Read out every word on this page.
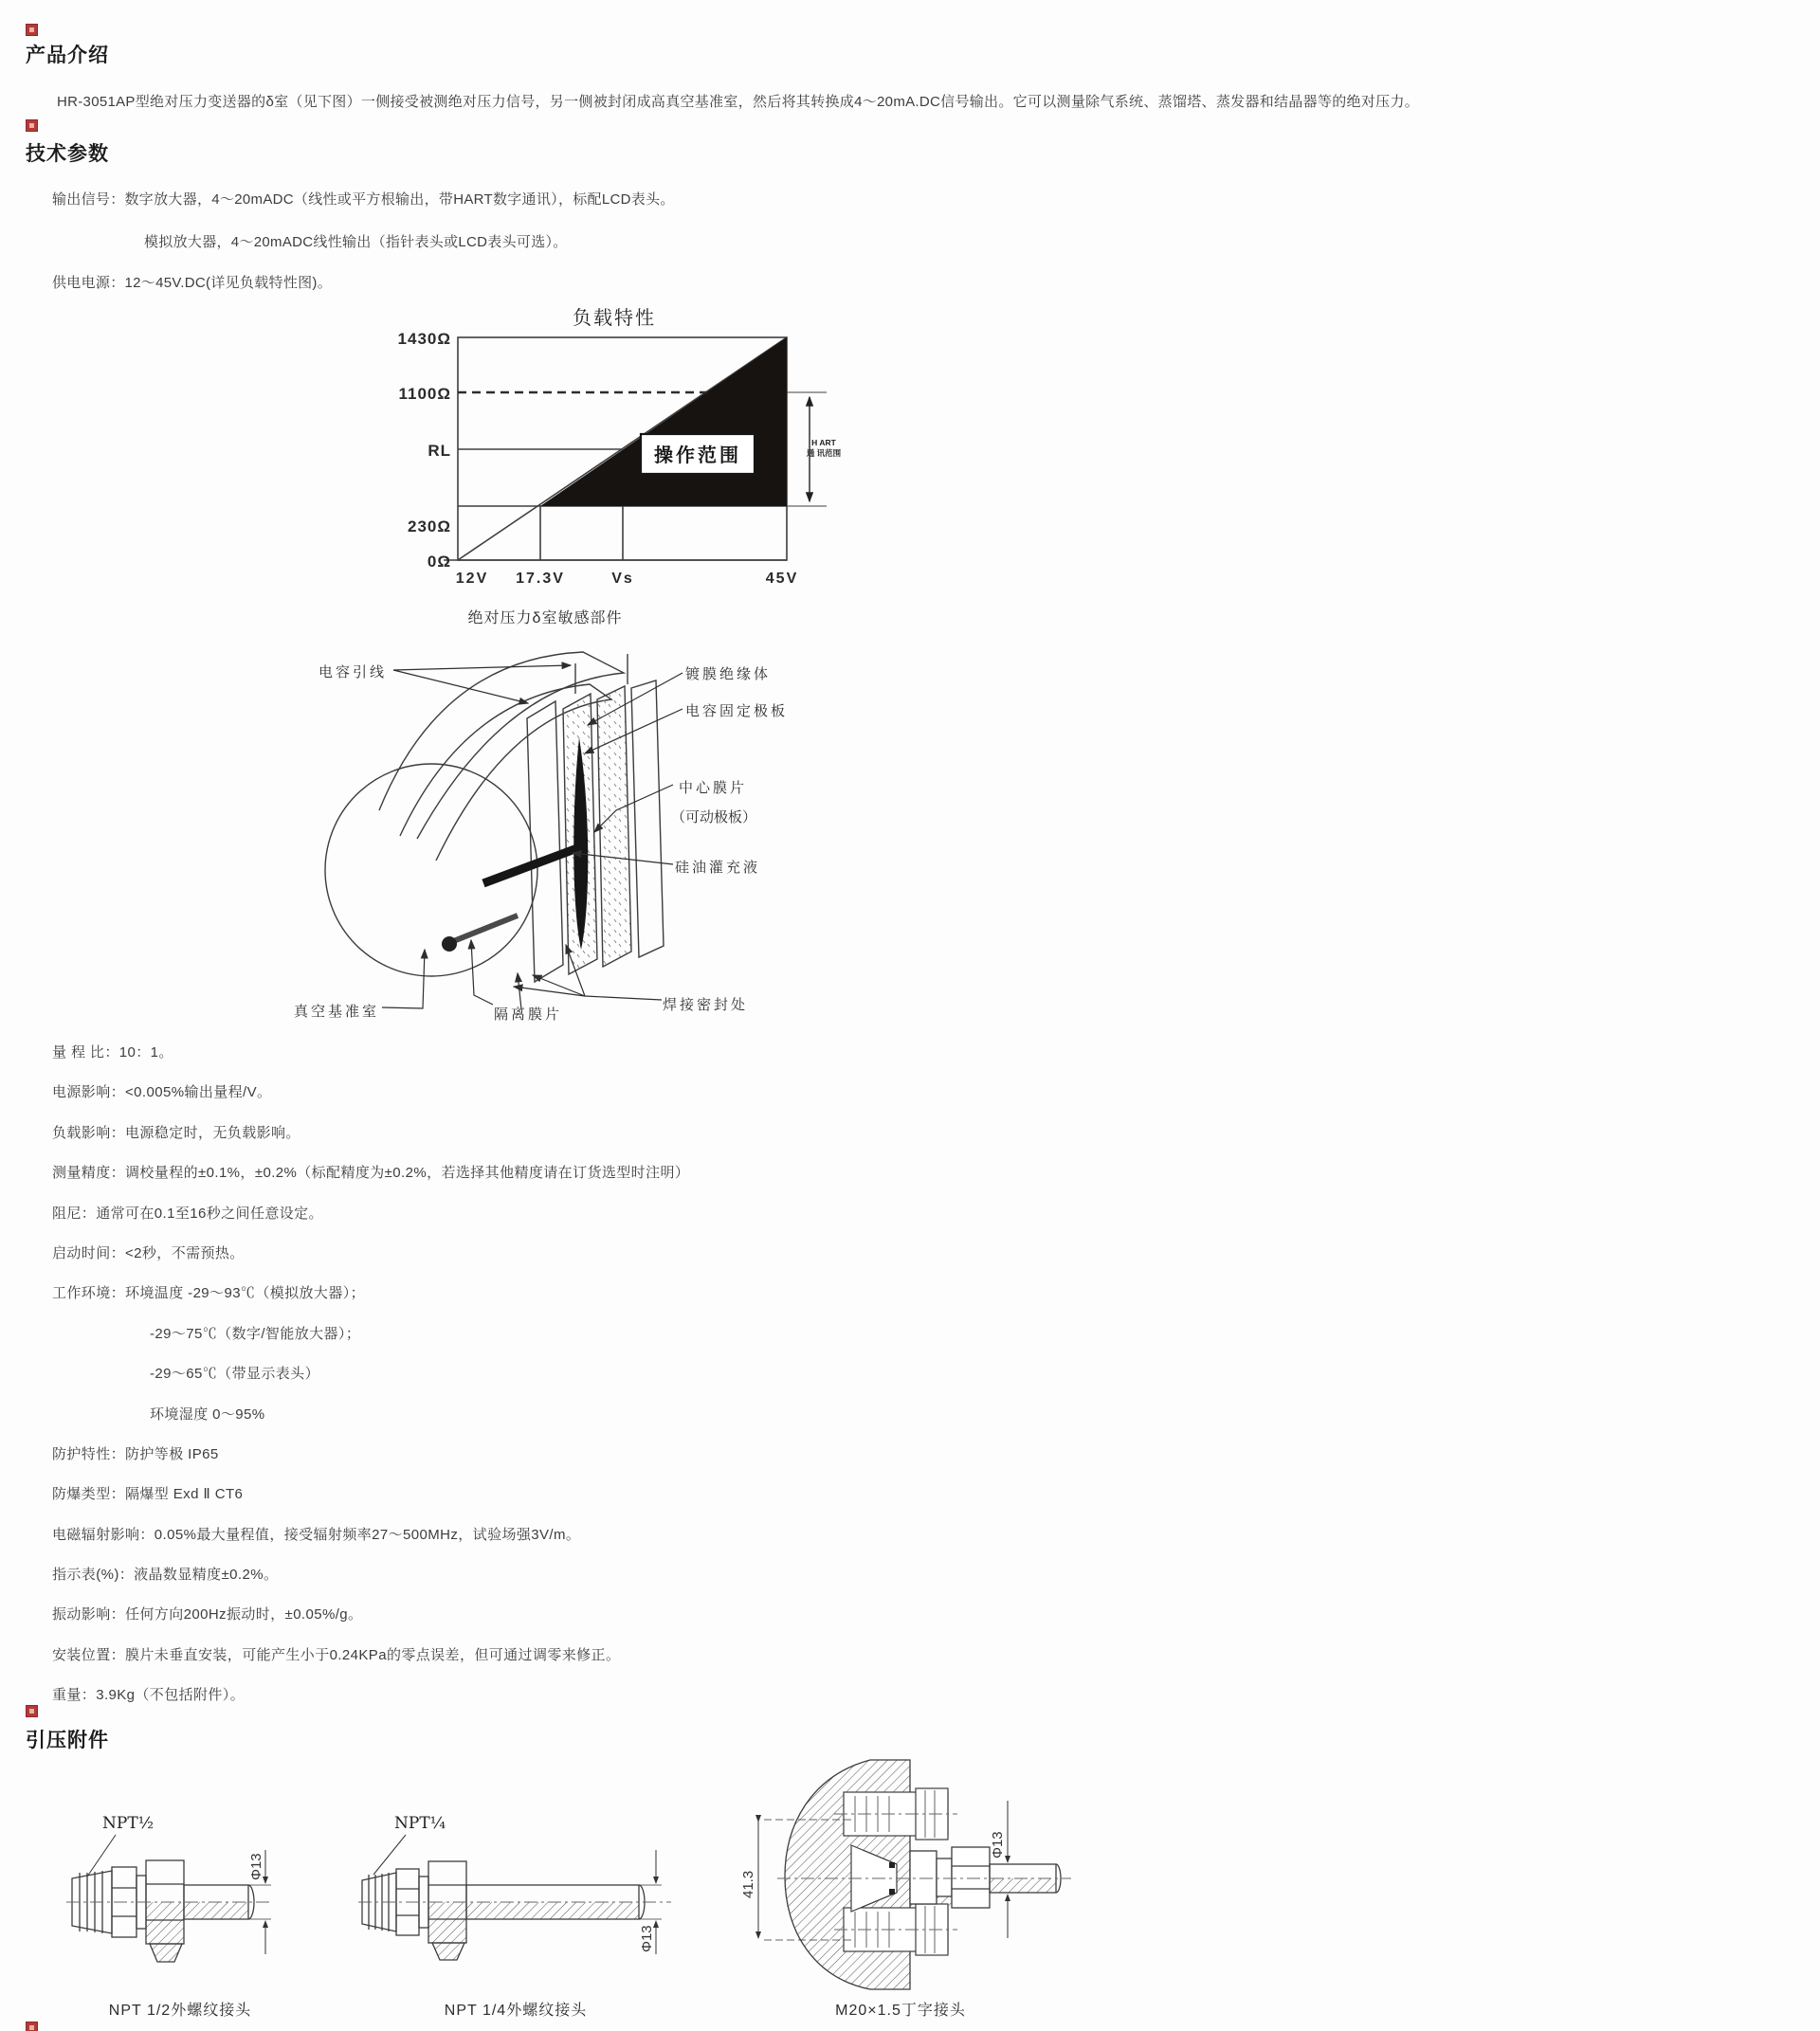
产品介绍
HR-3051AP型绝对压力变送器的δ室（见下图）一侧接受被测绝对压力信号，另一侧被封闭成高真空基准室，然后将其转换成4～20mA.DC信号输出。它可以测量除气系统、蒸馏塔、蒸发器和结晶器等的绝对压力。
技术参数
输出信号：数字放大器，4～20mADC（线性或平方根输出，带HART数字通讯），标配LCD表头。
模拟放大器，4～20mADC线性输出（指针表头或LCD表头可选）。
供电电源：12～45V.DC(详见负载特性图)。
负载特性
H ART
通 讯范围
操作范围
1430Ω
1100Ω
RL
230Ω
0Ω
12V 17.3V	Vs	45V
绝对压力δ室敏感部件
电容引线	镀膜绝缘体
电容固定极板
中心膜片
（可动极板）
硅油灌充液
焊接密封处
真空基准室	隔离膜片
量 程 比：10：1。
电源影响：<0.005%输出量程/V。
负载影响：电源稳定时，无负载影响。
测量精度：调校量程的±0.1%，±0.2%（标配精度为±0.2%，若选择其他精度请在订货选型时注明）
阻尼：通常可在0.1至16秒之间任意设定。
启动时间：<2秒，不需预热。
工作环境：环境温度 -29～93℃（模拟放大器）；
-29～75℃（数字/智能放大器）；
-29～65℃（带显示表头）
环境湿度 0～95%
防护特性：防护等极 IP65
防爆类型：隔爆型 Exd Ⅱ CT6
电磁辐射影响：0.05%最大量程值，接受辐射频率27～500MHz，试验场强3V/m。
指示表(%)：液晶数显精度±0.2%。
振动影响：任何方向200Hz振动时，±0.05%/g。
安装位置：膜片未垂直安装，可能产生小于0.24KPa的零点误差，但可通过调零来修正。
重量：3.9Kg（不包括附件）。
引压附件
Φ13
NPT½
NPT 1/2外螺纹接头
Φ13
NPT¼
NPT 1/4外螺纹接头
41.3
Φ13
M20×1.5丁字接头
